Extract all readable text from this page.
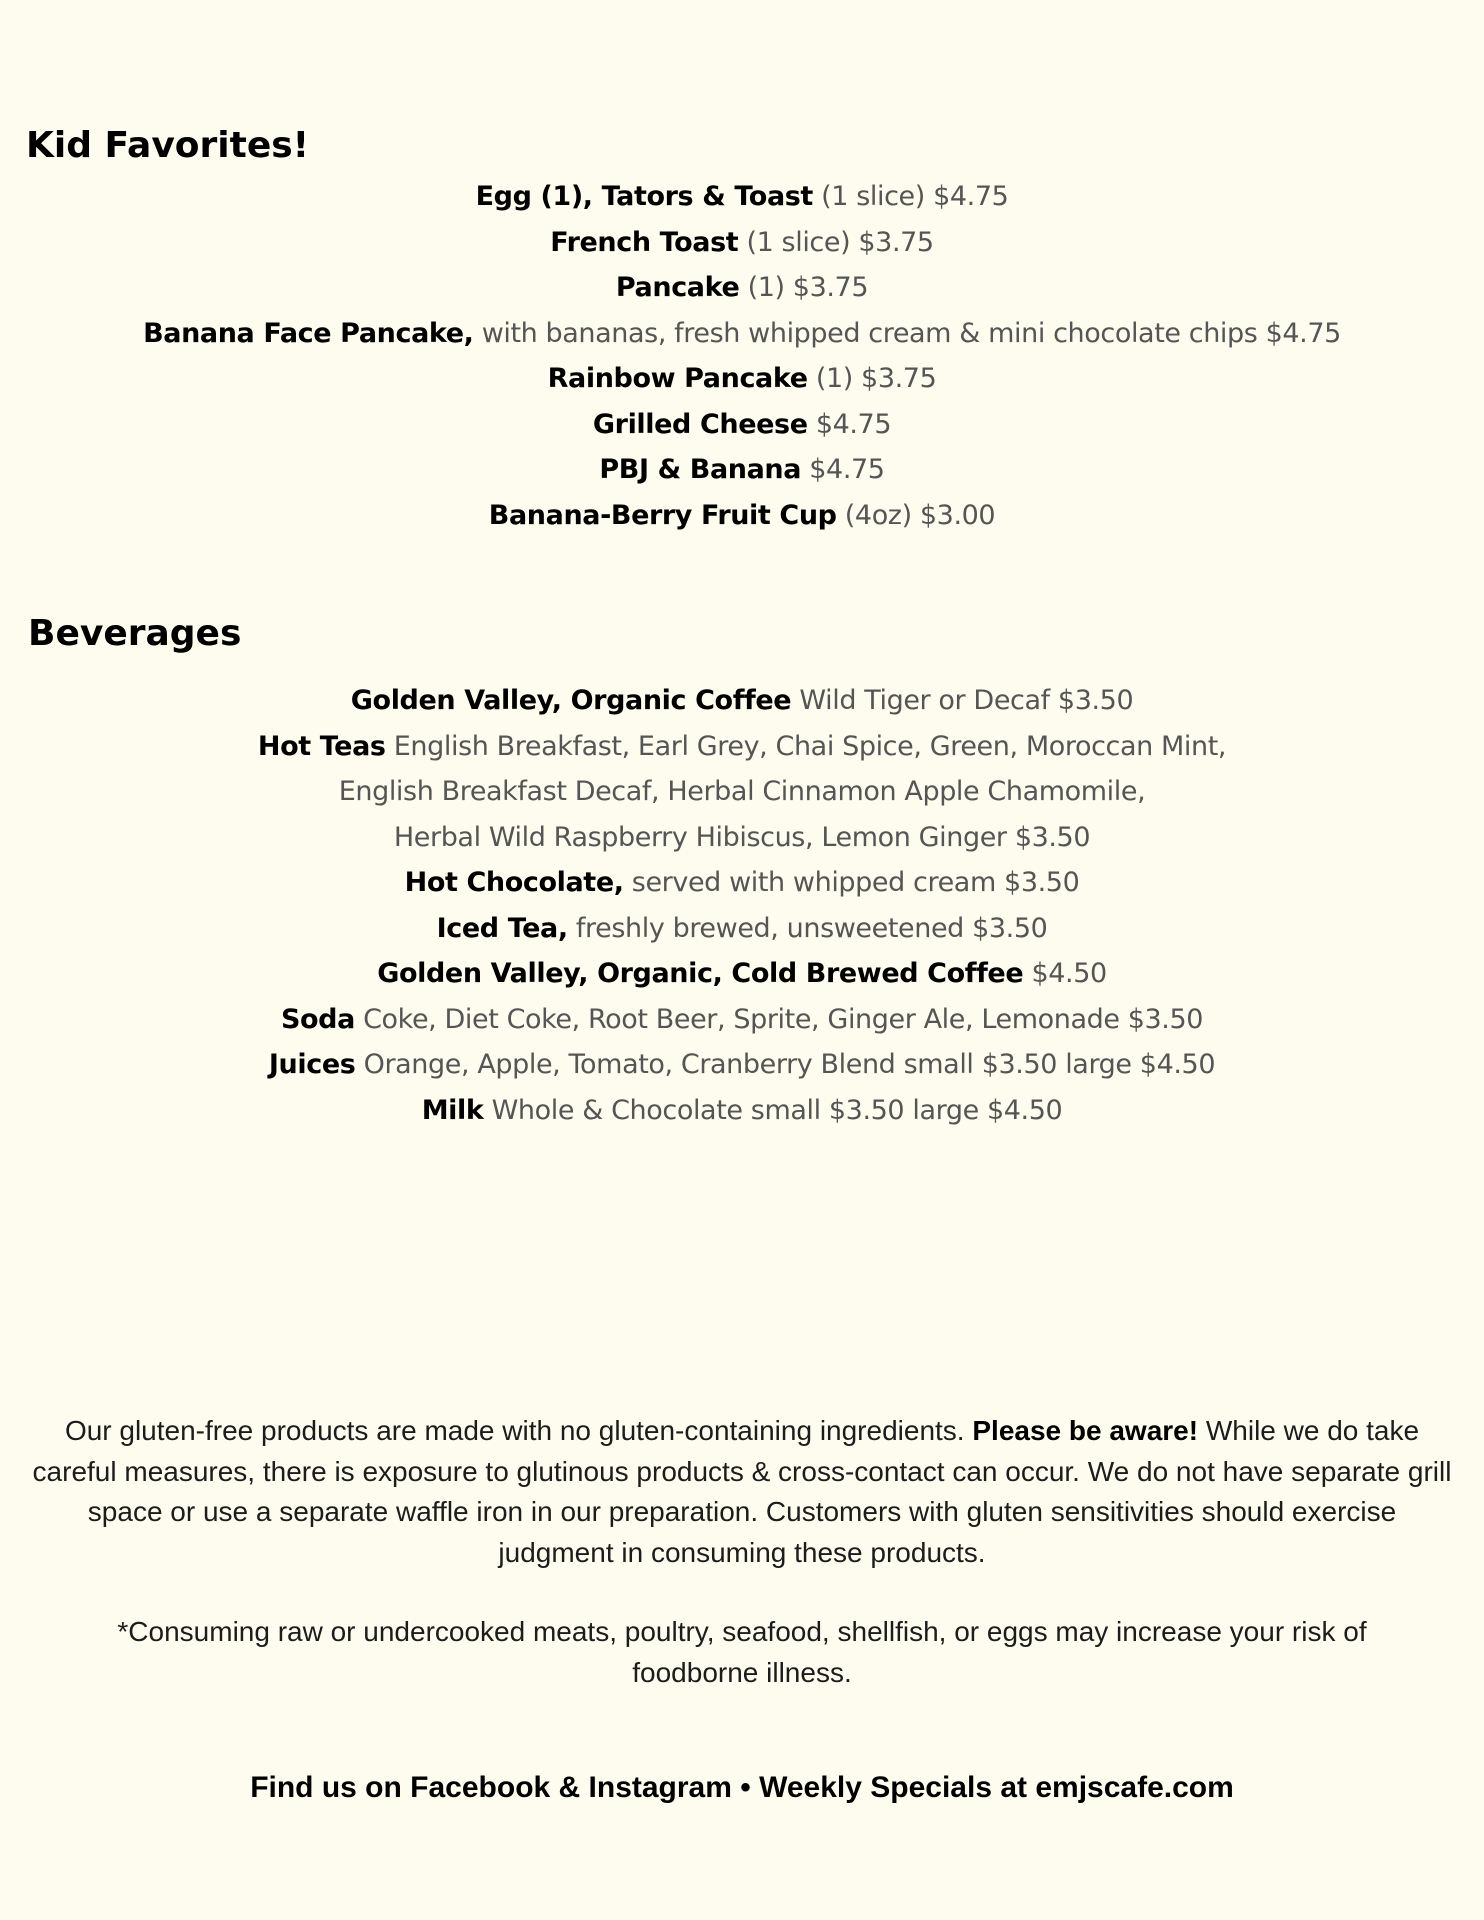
Kid Favorites!
Egg (1), Tators & Toast (1 slice) $4.75
French Toast (1 slice) $3.75
Pancake (1) $3.75
Banana Face Pancake, with bananas, fresh whipped cream & mini chocolate chips $4.75
Rainbow Pancake (1) $3.75
Grilled Cheese $4.75
PBJ & Banana $4.75
Banana-Berry Fruit Cup (4oz) $3.00
Beverages
Golden Valley, Organic Coffee Wild Tiger or Decaf $3.50
Hot Teas English Breakfast, Earl Grey, Chai Spice, Green, Moroccan Mint,
English Breakfast Decaf, Herbal Cinnamon Apple Chamomile,
Herbal Wild Raspberry Hibiscus, Lemon Ginger $3.50
Hot Chocolate, served with whipped cream $3.50
Iced Tea, freshly brewed, unsweetened $3.50
Golden Valley, Organic, Cold Brewed Coffee $4.50
Soda Coke, Diet Coke, Root Beer, Sprite, Ginger Ale, Lemonade $3.50
Juices Orange, Apple, Tomato, Cranberry Blend small $3.50 large $4.50
Milk Whole & Chocolate small $3.50 large $4.50

Our gluten-free products are made with no gluten-containing ingredients. Please be aware! While we do take careful measures, there is exposure to glutinous products & cross-contact can occur. We do not have separate grill space or use a separate waffle iron in our preparation. Customers with gluten sensitivities should exercise judgment in consuming these products.

*Consuming raw or undercooked meats, poultry, seafood, shellfish, or eggs may increase your risk of foodborne illness.

Find us on Facebook & Instagram • Weekly Specials at emjscafe.com
